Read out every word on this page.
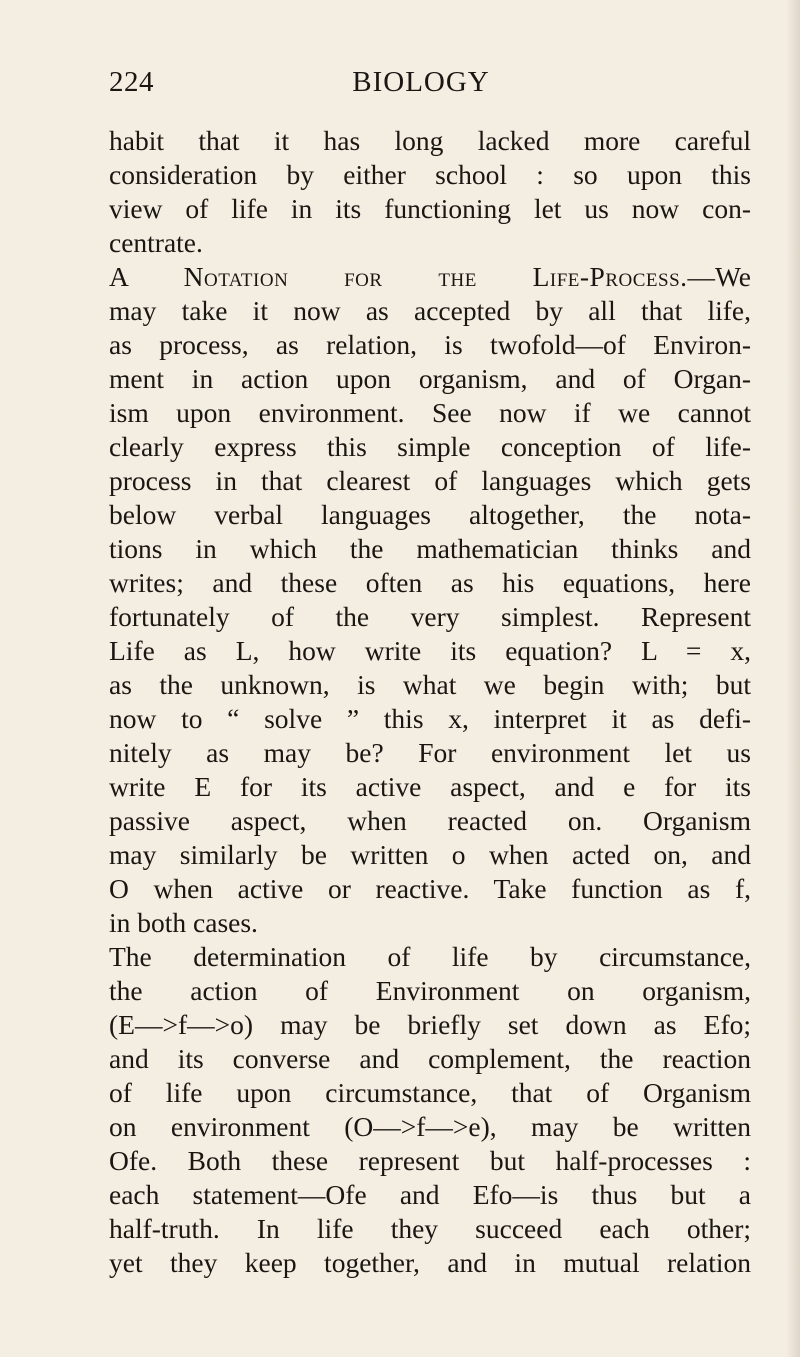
224	BIOLOGY
habit that it has long lacked more careful
consideration by either school : so upon this
view of life in its functioning let us now con-
centrate.
A Notation for the Life-Process.—We
may take it now as accepted by all that life,
as process, as relation, is twofold—of Environ-
ment in action upon organism, and of Organ-
ism upon environment. See now if we cannot
clearly express this simple conception of life-
process in that clearest of languages which gets
below verbal languages altogether, the nota-
tions in which the mathematician thinks and
writes; and these often as his equations, here
fortunately of the very simplest. Represent
Life as L, how write its equation? L = x,
as the unknown, is what we begin with; but
now to “ solve ” this x, interpret it as defi-
nitely as may be? For environment let us
write E for its active aspect, and e for its
passive aspect, when reacted on. Organism
may similarly be written o when acted on, and
O when active or reactive. Take function as f,
in both cases.
The determination of life by circumstance,
the action of Environment on organism,
(E—>f—>o) may be briefly set down as Efo;
and its converse and complement, the reaction
of life upon circumstance, that of Organism
on environment (O—>f—>e), may be written
Ofe. Both these represent but half-processes :
each statement—Ofe and Efo—is thus but a
half-truth. In life they succeed each other;
yet they keep together, and in mutual relation
